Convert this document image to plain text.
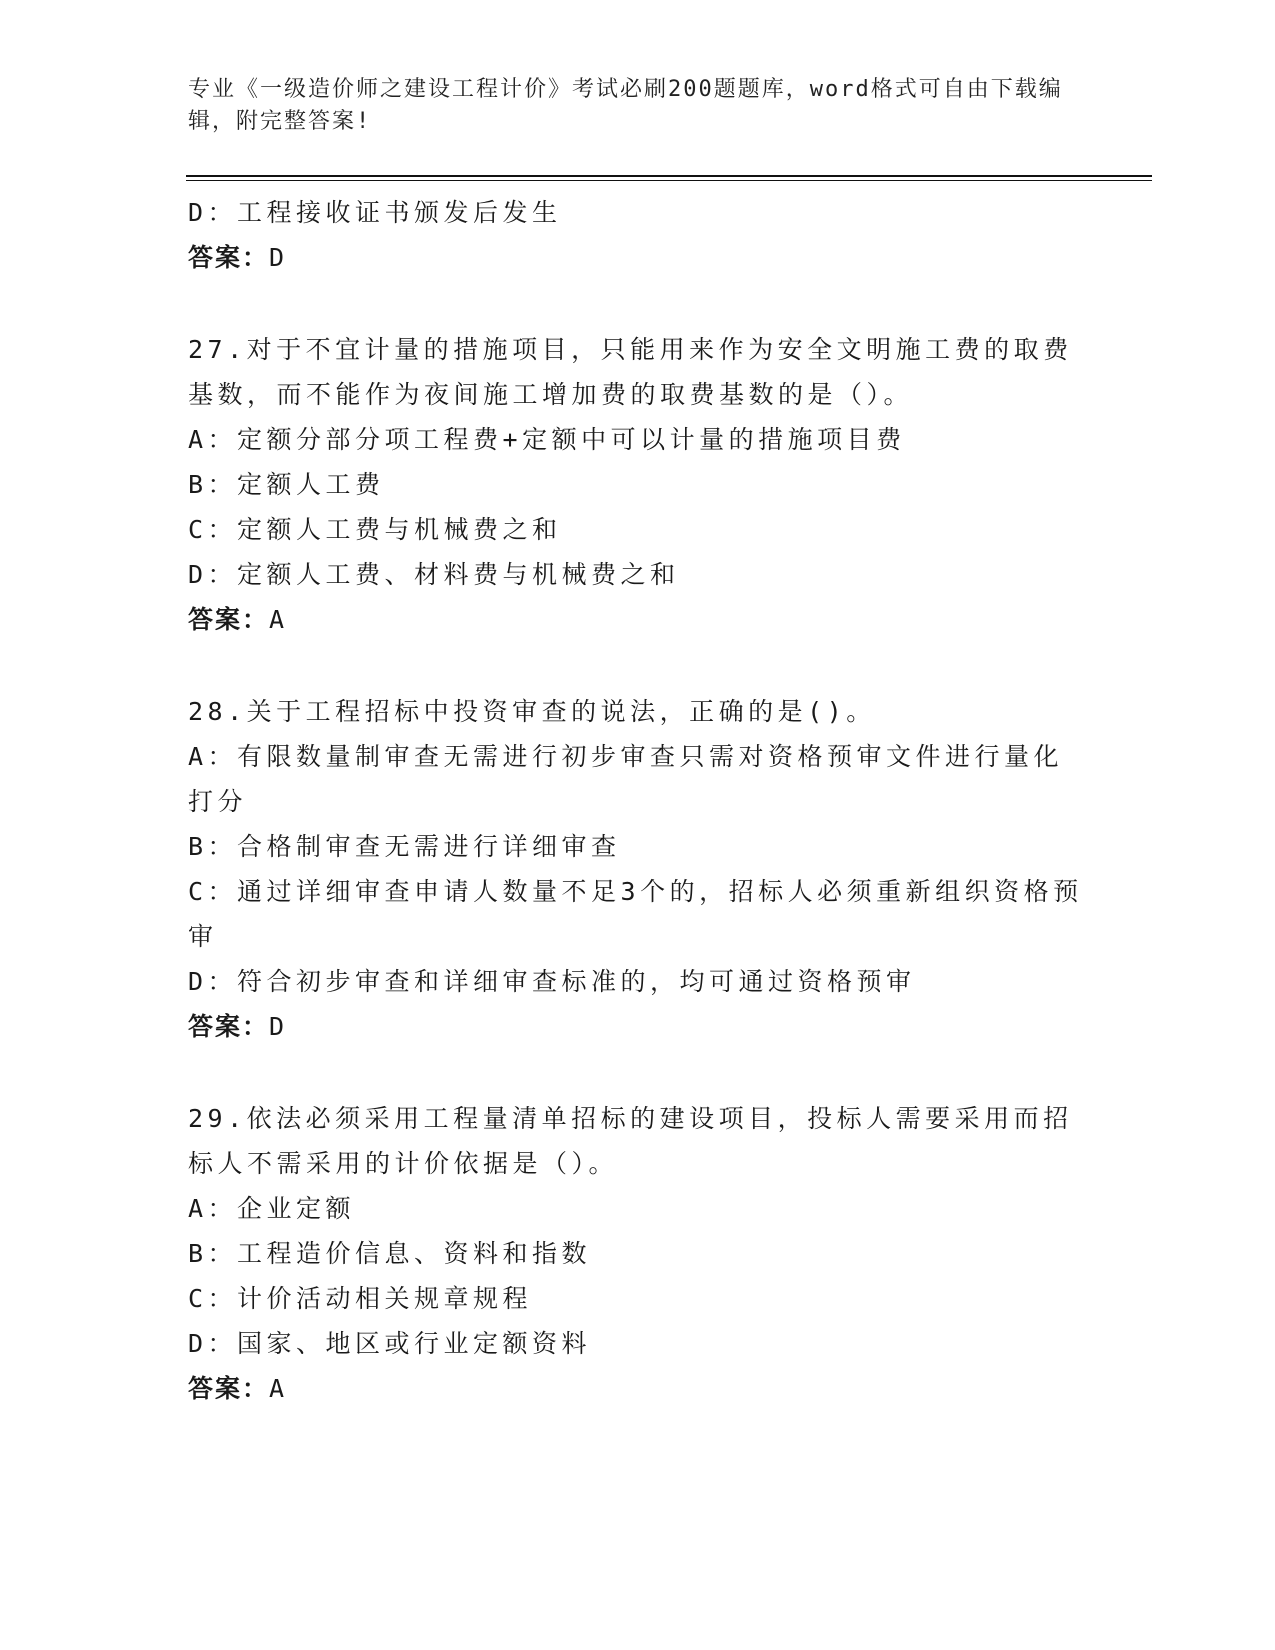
专业《一级造价师之建设工程计价》考试必刷200题题库，word格式可自由下载编辑，附完整答案!
D：工程接收证书颁发后发生
答案：D
27.对于不宜计量的措施项目，只能用来作为安全文明施工费的取费基数，而不能作为夜间施工增加费的取费基数的是（）。
A：定额分部分项工程费+定额中可以计量的措施项目费
B：定额人工费
C：定额人工费与机械费之和
D：定额人工费、材料费与机械费之和
答案：A
28.关于工程招标中投资审查的说法，正确的是()。
A：有限数量制审查无需进行初步审查只需对资格预审文件进行量化打分
B：合格制审查无需进行详细审查
C：通过详细审查申请人数量不足3个的，招标人必须重新组织资格预审
D：符合初步审查和详细审查标准的，均可通过资格预审
答案：D
29.依法必须采用工程量清单招标的建设项目，投标人需要采用而招标人不需采用的计价依据是（）。
A：企业定额
B：工程造价信息、资料和指数
C：计价活动相关规章规程
D：国家、地区或行业定额资料
答案：A
